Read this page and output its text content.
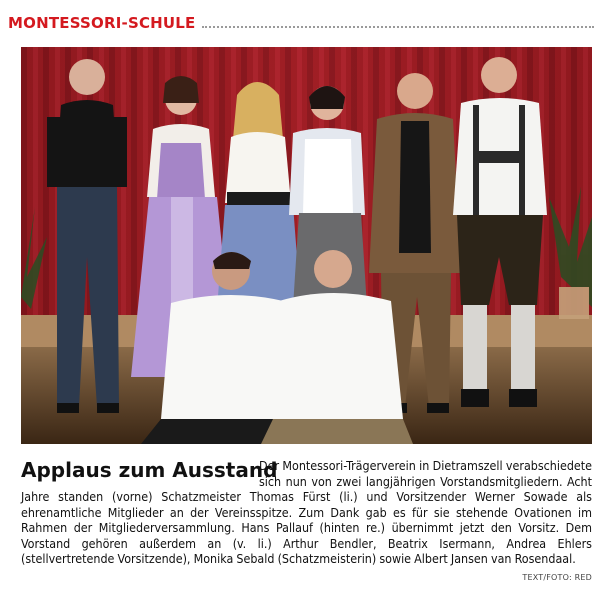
MONTESSORI-SCHULE
Applaus zum Ausstand

Der Montessori-Trägerverein in Dietramszell verabschiedete sich nun von zwei langjährigen Vorstandsmitgliedern. Acht Jahre standen (vorne) Schatzmeister Thomas Fürst (li.) und Vorsitzender Werner Sowade als ehrenamtliche Mitglieder an der Vereinsspitze. Zum Dank gab es für sie stehende Ovationen im Rahmen der Mitgliederversammlung. Hans Pallauf (hinten re.) übernimmt jetzt den Vorsitz. Dem Vorstand gehören außerdem an (v. li.) Arthur Bendler, Beatrix Isermann, Andrea Ehlers (stellvertretende Vorsitzende), Monika Sebald (Schatzmeisterin) sowie Albert Jansen van Rosendaal.

TEXT/FOTO: RED
